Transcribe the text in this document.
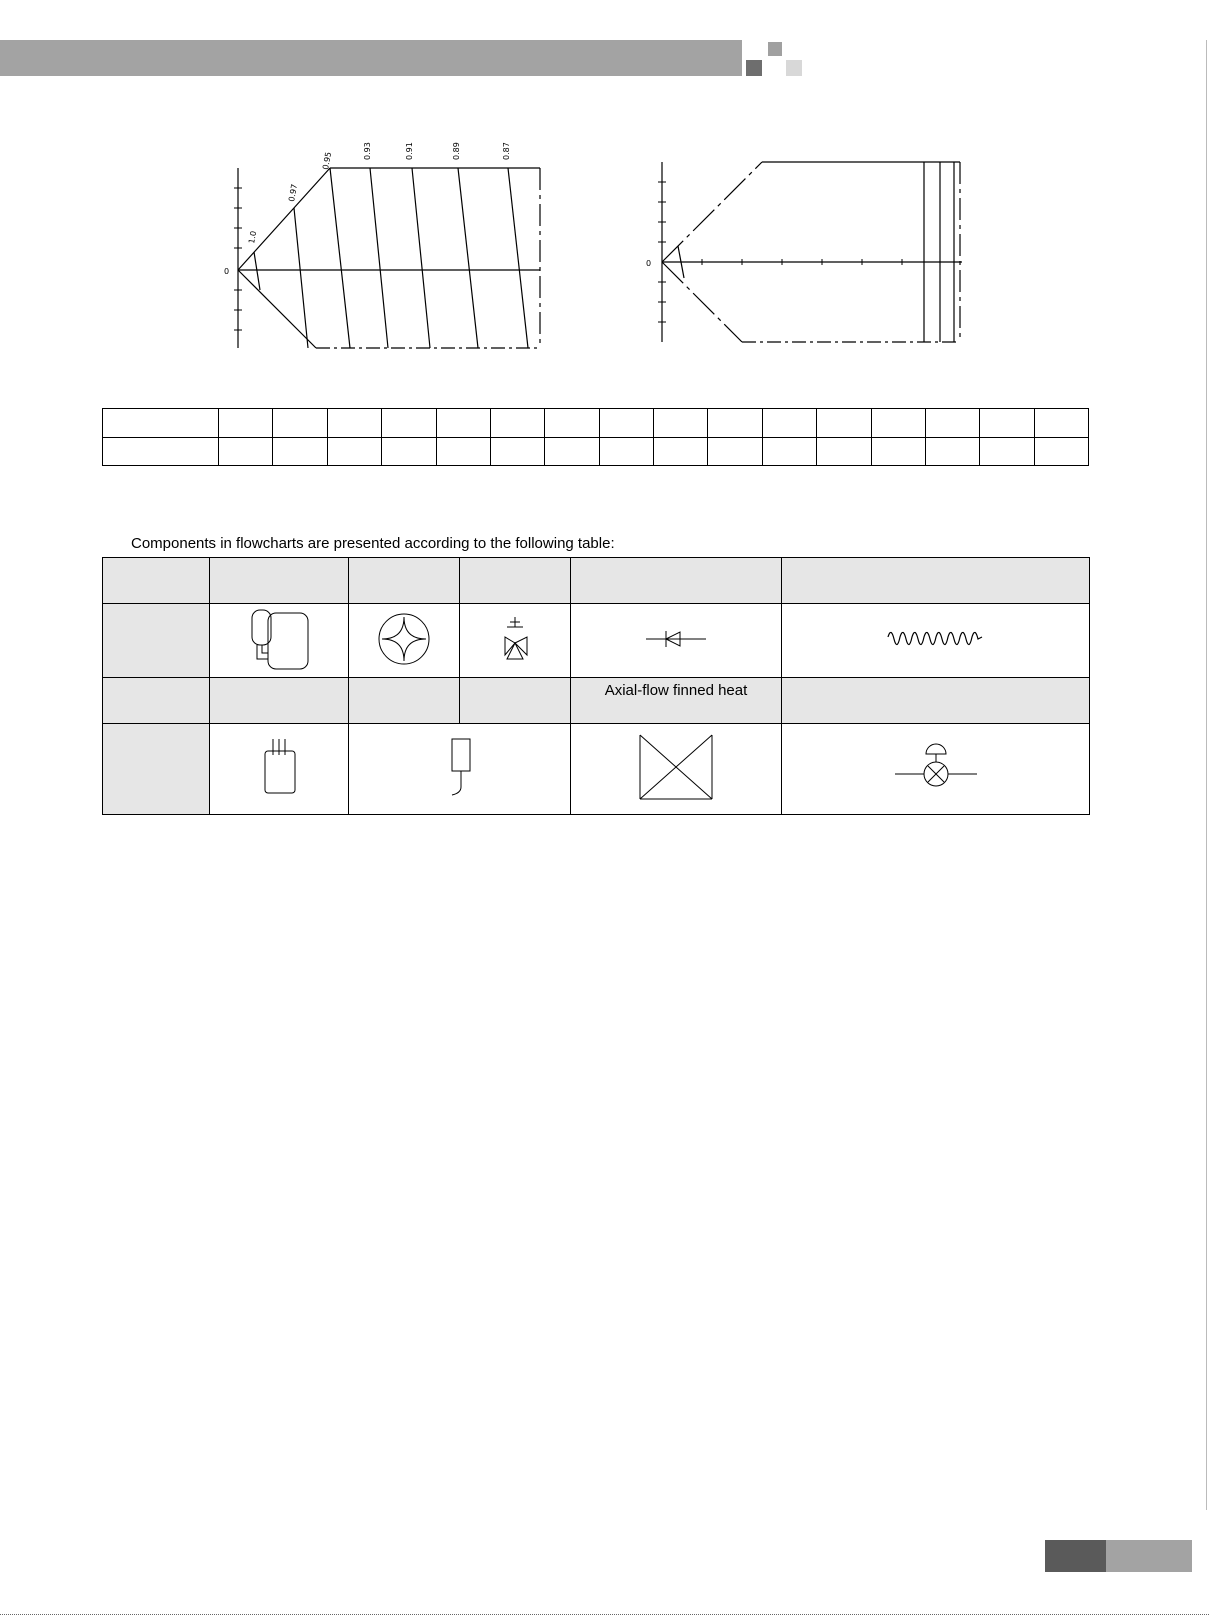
0
1.0
0.97
0.95
0.93	0.91	0.89	0.87
0

Components in flowcharts are presented according to the following table:

				Axial-flow finned heat	
